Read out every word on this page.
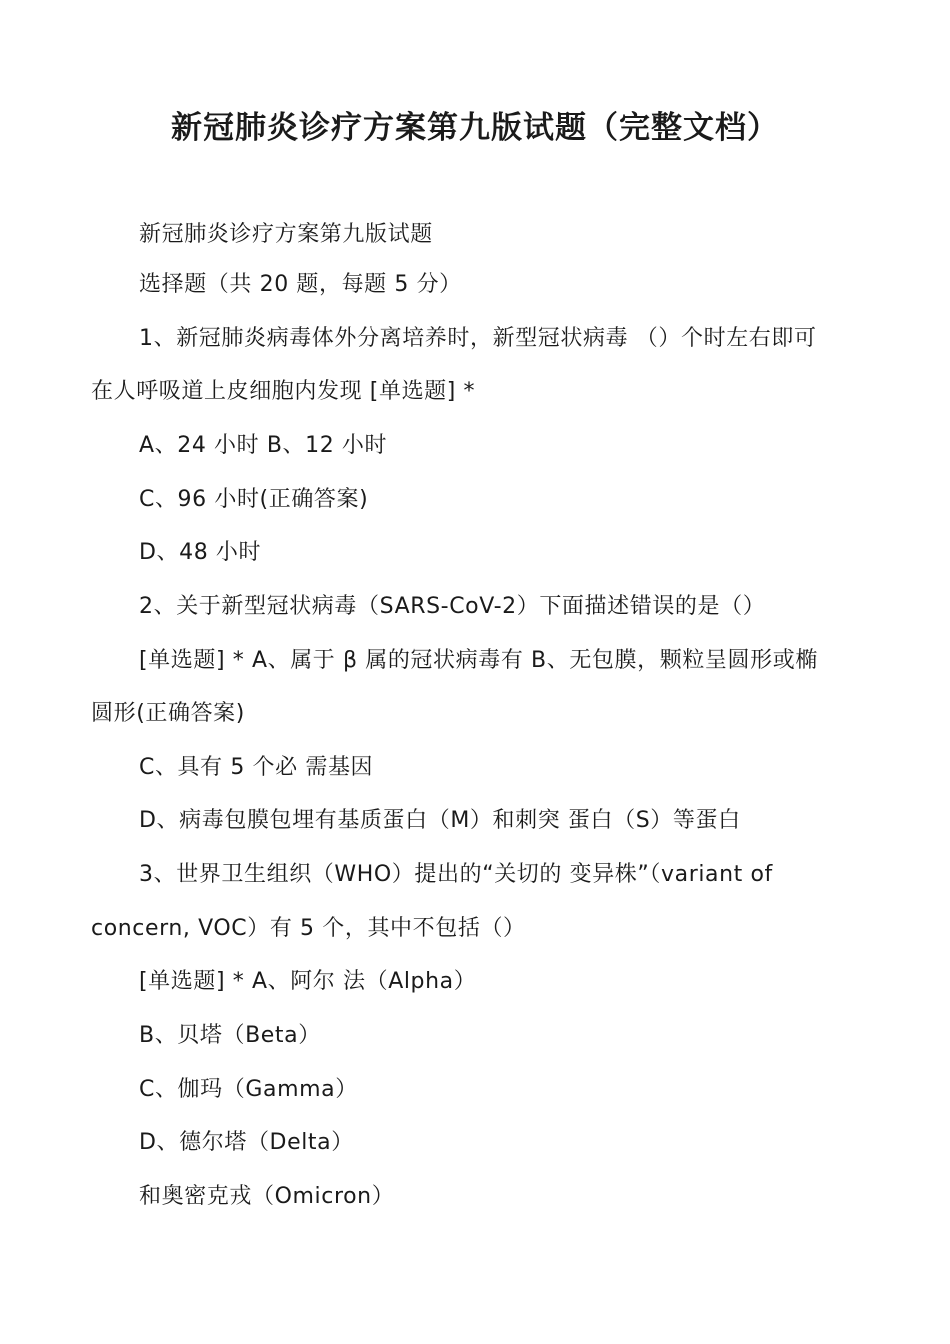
新冠肺炎诊疗方案第九版试题（完整文档）

新冠肺炎诊疗方案第九版试题

选择题（共 20 题，每题 5 分）

1、新冠肺炎病毒体外分离培养时，新型冠状病毒 （）个时左右即可

在人呼吸道上皮细胞内发现 [单选题] *

A、24 小时 B、12 小时

C、96 小时(正确答案)

D、48 小时

2、关于新型冠状病毒（SARS-CoV-2）下面描述错误的是（）

[单选题] * A、属于 β 属的冠状病毒有 B、无包膜，颗粒呈圆形或椭

圆形(正确答案)

C、具有 5 个必 需基因

D、病毒包膜包埋有基质蛋白（M）和刺突 蛋白（S）等蛋白

3、世界卫生组织（WHO）提出的“关切的 变异株”（variant of

concern, VOC）有 5 个，其中不包括（）

[单选题] * A、阿尔 法（Alpha）

B、贝塔（Beta）

C、伽玛（Gamma）

D、德尔塔（Delta）

和奥密克戎（Omicron）
